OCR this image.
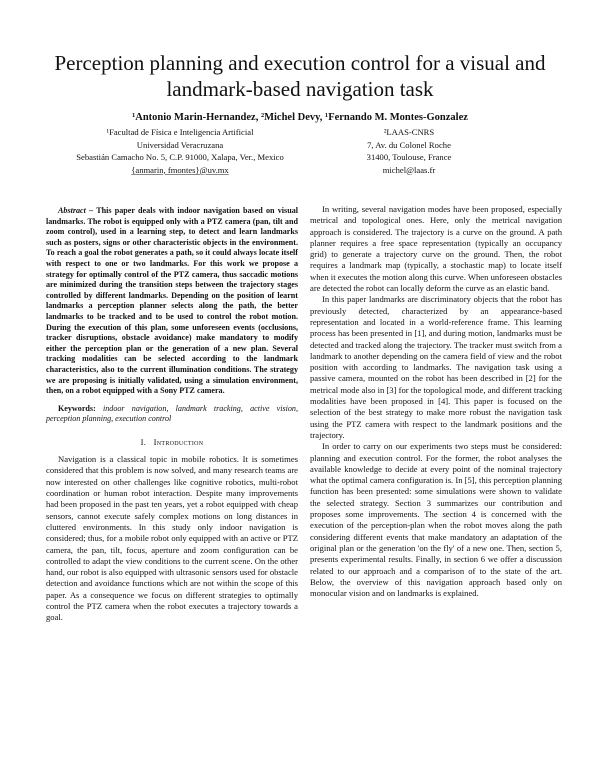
Perception planning and execution control for a visual and landmark-based navigation task

¹Antonio Marin-Hernandez, ²Michel Devy, ¹Fernando M. Montes-Gonzalez

¹Facultad de Física e Inteligencia Artificial
Universidad Veracruzana
Sebastián Camacho No. 5, C.P. 91000, Xalapa, Ver., Mexico
{anmarin, fmontes}@uv.mx
²LAAS-CNRS
7, Av. du Colonel Roche
31400, Toulouse, France
michel@laas.fr

Abstract – This paper deals with indoor navigation based on visual landmarks. The robot is equipped only with a PTZ camera (pan, tilt and zoom control), used in a learning step, to detect and learn landmarks such as posters, signs or other characteristic objects in the environment. To reach a goal the robot generates a path, so it could always locate itself with respect to one or two landmarks. For this work we propose a strategy for optimally control of the PTZ camera, thus saccadic motions are minimized during the transition steps between the trajectory stages controlled by different landmarks. Depending on the position of learnt landmarks a perception planner selects along the path, the better landmarks to be tracked and to be used to control the robot motion. During the execution of this plan, some unforeseen events (occlusions, tracker disruptions, obstacle avoidance) make mandatory to modify either the perception plan or the generation of a new plan. Several tracking modalities can be selected according to the landmark characteristics, also to the current illumination conditions. The strategy we are proposing is initially validated, using a simulation environment, then, on a robot equipped with a Sony PTZ camera.

Keywords: indoor navigation, landmark tracking, active vision, perception planning, execution control

I. Introduction

Navigation is a classical topic in mobile robotics. It is sometimes considered that this problem is now solved, and many research teams are now interested on other challenges like cognitive robotics, multi-robot coordination or human robot interaction. Despite many improvements had been proposed in the past ten years, yet a robot equipped with cheap sensors, cannot execute safely complex motions on long distances in cluttered environments. In this study only indoor navigation is considered; thus, for a mobile robot only equipped with an active or PTZ camera, the pan, tilt, focus, aperture and zoom configuration can be controlled to adapt the view conditions to the current scene. On the other hand, our robot is also equipped with ultrasonic sensors used for obstacle detection and avoidance functions which are not within the scope of this paper. As a consequence we focus on different strategies to optimally control the PTZ camera when the robot executes a trajectory towards a goal.

In writing, several navigation modes have been proposed, especially metrical and topological ones. Here, only the metrical navigation approach is considered. The trajectory is a curve on the ground. A path planner requires a free space representation (typically an occupancy grid) to generate a trajectory curve on the ground. Then, the robot requires a landmark map (typically, a stochastic map) to locate itself when it executes the motion along this curve. When unforeseen obstacles are detected the robot can locally deform the curve as an elastic band.

In this paper landmarks are discriminatory objects that the robot has previously detected, characterized by an appearance-based representation and located in a world-reference frame. This learning process has been presented in [1], and during motion, landmarks must be detected and tracked along the trajectory. The tracker must switch from a landmark to another depending on the camera field of view and the robot position with according to landmarks. The navigation task using a passive camera, mounted on the robot has been described in [2] for the metrical mode also in [3] for the topological mode, and different tracking modalities have been proposed in [4]. This paper is focused on the selection of the best strategy to make more robust the navigation task using the PTZ camera with respect to the landmark positions and the trajectory.

In order to carry on our experiments two steps must be considered: planning and execution control. For the former, the robot analyses the available knowledge to decide at every point of the nominal trajectory what the optimal camera configuration is. In [5], this perception planning function has been presented: some simulations were shown to validate the selected strategy. Section 3 summarizes our contribution and proposes some improvements. The section 4 is concerned with the execution of the perception-plan when the robot moves along the path considering different events that make mandatory an adaptation of the original plan or the generation 'on the fly' of a new one. Then, section 5, presents experimental results. Finally, in section 6 we offer a discussion related to our approach and a comparison of to the state of the art. Below, the overview of this navigation approach based only on monocular vision and on landmarks is explained.
